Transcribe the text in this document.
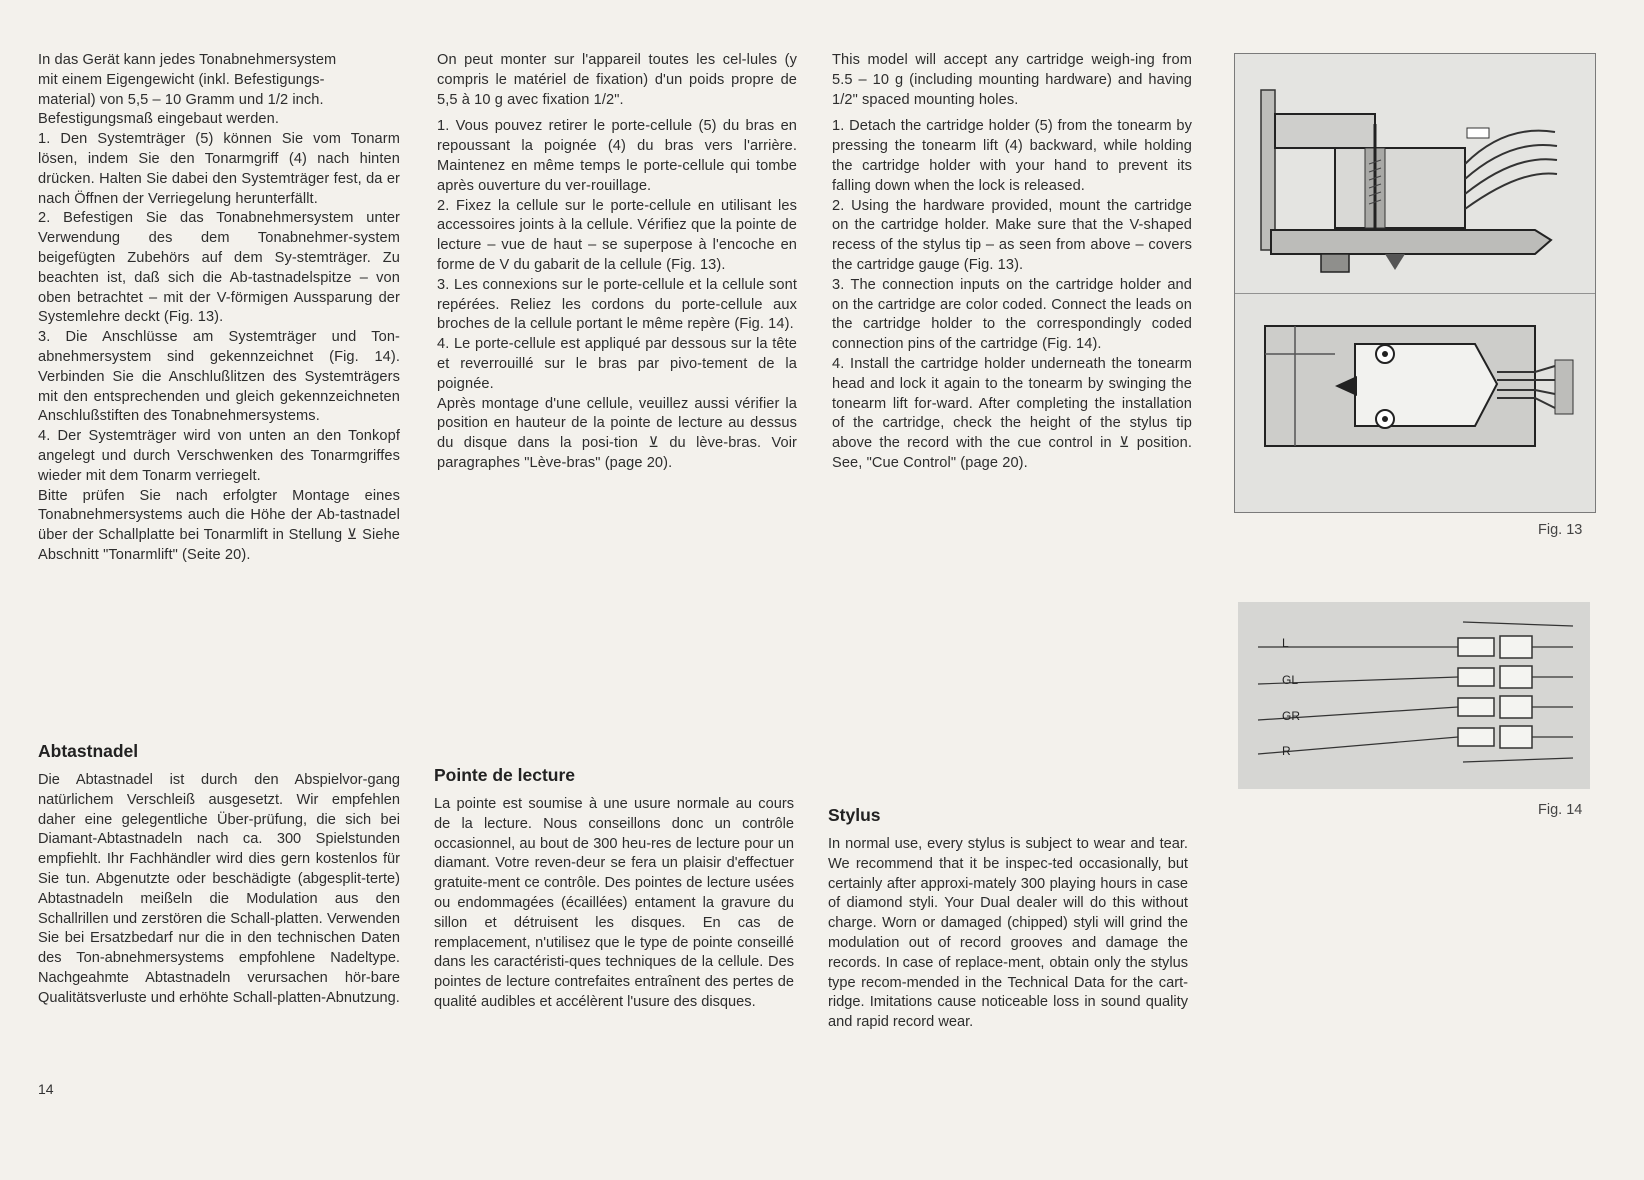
In das Gerät kann jedes Tonabnehmersystem

mit einem Eigengewicht (inkl. Befestigungs-

material) von 5,5 – 10 Gramm und 1/2 inch.

Befestigungsmaß eingebaut werden.

1. Den Systemträger (5) können Sie vom Tonarm lösen, indem Sie den Tonarmgriff (4) nach hinten drücken. Halten Sie dabei den Systemträger fest, da er nach Öffnen der Verriegelung herunterfällt.

2. Befestigen Sie das Tonabnehmersystem unter Verwendung des dem Tonabnehmer-system beigefügten Zubehörs auf dem Sy-stemträger. Zu beachten ist, daß sich die Ab-tastnadelspitze – von oben betrachtet – mit der V-förmigen Aussparung der Systemlehre deckt (Fig. 13).

3. Die Anschlüsse am Systemträger und Ton-abnehmersystem sind gekennzeichnet (Fig. 14). Verbinden Sie die Anschlußlitzen des Systemträgers mit den entsprechenden und gleich gekennzeichneten Anschlußstiften des Tonabnehmersystems.

4. Der Systemträger wird von unten an den Tonkopf angelegt und durch Verschwenken des Tonarmgriffes wieder mit dem Tonarm verriegelt.

Bitte prüfen Sie nach erfolgter Montage eines Tonabnehmersystems auch die Höhe der Ab-tastnadel über der Schallplatte bei Tonarmlift in Stellung ⊻ Siehe Abschnitt "Tonarmlift" (Seite 20).

Abtastnadel
Die Abtastnadel ist durch den Abspielvor-gang natürlichem Verschleiß ausgesetzt. Wir empfehlen daher eine gelegentliche Über-prüfung, die sich bei Diamant-Abtastnadeln nach ca. 300 Spielstunden empfiehlt. Ihr Fachhändler wird dies gern kostenlos für Sie tun. Abgenutzte oder beschädigte (abgesplit-terte) Abtastnadeln meißeln die Modulation aus den Schallrillen und zerstören die Schall-platten. Verwenden Sie bei Ersatzbedarf nur die in den technischen Daten des Ton-abnehmersystems empfohlene Nadeltype. Nachgeahmte Abtastnadeln verursachen hör-bare Qualitätsverluste und erhöhte Schall-platten-Abnutzung.

On peut monter sur l'appareil toutes les cel-lules (y compris le matériel de fixation) d'un poids propre de 5,5 à 10 g avec fixation 1/2".

1. Vous pouvez retirer le porte-cellule (5) du bras en repoussant la poignée (4) du bras vers l'arrière. Maintenez en même temps le porte-cellule qui tombe après ouverture du ver-rouillage.

2. Fixez la cellule sur le porte-cellule en utilisant les accessoires joints à la cellule. Vérifiez que la pointe de lecture – vue de haut – se superpose à l'encoche en forme de V du gabarit de la cellule (Fig. 13).

3. Les connexions sur le porte-cellule et la cellule sont repérées. Reliez les cordons du porte-cellule aux broches de la cellule portant le même repère (Fig. 14).

4. Le porte-cellule est appliqué par dessous sur la tête et reverrouillé sur le bras par pivo-tement de la poignée.

Après montage d'une cellule, veuillez aussi vérifier la position en hauteur de la pointe de lecture au dessus du disque dans la posi-tion ⊻ du lève-bras. Voir paragraphes "Lève-bras" (page 20).

Pointe de lecture
La pointe est soumise à une usure normale au cours de la lecture. Nous conseillons donc un contrôle occasionnel, au bout de 300 heu-res de lecture pour un diamant. Votre reven-deur se fera un plaisir d'effectuer gratuite-ment ce contrôle. Des pointes de lecture usées ou endommagées (écaillées) entament la gravure du sillon et détruisent les disques. En cas de remplacement, n'utilisez que le type de pointe conseillé dans les caractéristi-ques techniques de la cellule. Des pointes de lecture contrefaites entraînent des pertes de qualité audibles et accélèrent l'usure des disques.

This model will accept any cartridge weigh-ing from 5.5 – 10 g (including mounting hardware) and having 1/2" spaced mounting holes.

1. Detach the cartridge holder (5) from the tonearm by pressing the tonearm lift (4) backward, while holding the cartridge holder with your hand to prevent its falling down when the lock is released.

2. Using the hardware provided, mount the cartridge on the cartridge holder. Make sure that the V-shaped recess of the stylus tip – as seen from above – covers the cartridge gauge (Fig. 13).

3. The connection inputs on the cartridge holder and on the cartridge are color coded. Connect the leads on the cartridge holder to the correspondingly coded connection pins of the cartridge (Fig. 14).

4. Install the cartridge holder underneath the tonearm head and lock it again to the tonearm by swinging the tonearm lift for-ward. After completing the installation of the cartridge, check the height of the stylus tip above the record with the cue control in ⊻ position. See, "Cue Control" (page 20).

Stylus
In normal use, every stylus is subject to wear and tear. We recommend that it be inspec-ted occasionally, but certainly after approxi-mately 300 playing hours in case of diamond styli. Your Dual dealer will do this without charge. Worn or damaged (chipped) styli will grind the modulation out of record grooves and damage the records. In case of replace-ment, obtain only the stylus type recom-mended in the Technical Data for the cart-ridge. Imitations cause noticeable loss in sound quality and rapid record wear.
14
Fig. 13
L
GL
GR
R
Fig. 14
